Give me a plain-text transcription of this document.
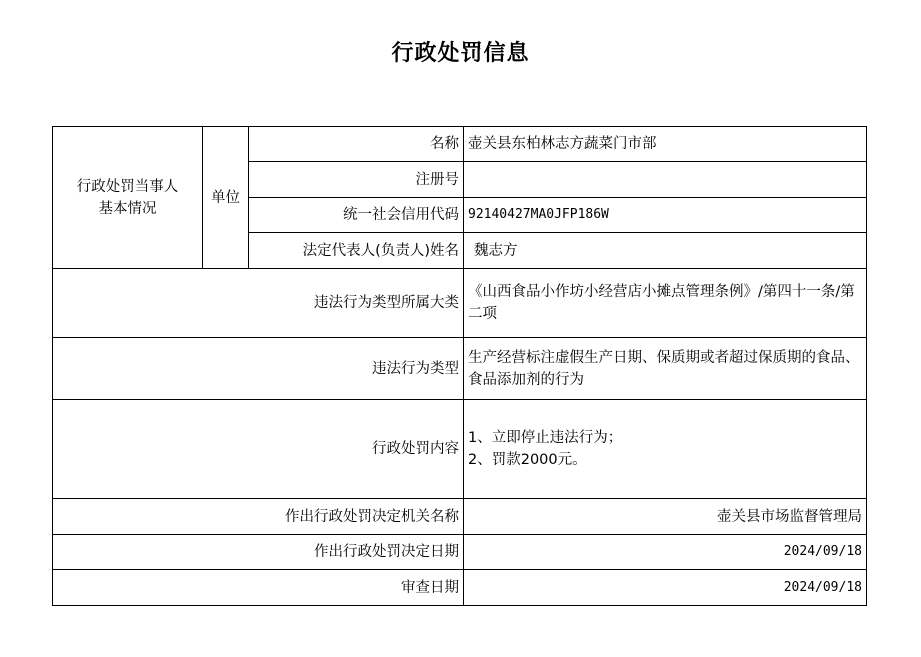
行政处罚信息
行政处罚当事人
基本情况	单位	名称	壶关县东柏林志方蔬菜门市部
		注册号	
		统一社会信用代码	92140427MA0JFP186W
		法定代表人(负责人)姓名	魏志方
违法行为类型所属大类			《山西食品小作坊小经营店小摊点管理条例》/第四十一条/第二项
违法行为类型			生产经营标注虚假生产日期、保质期或者超过保质期的食品、食品添加剂的行为
行政处罚内容			1、立即停止违法行为；
2、罚款2000元。

作出行政处罚决定机关名称			壶关县市场监督管理局
作出行政处罚决定日期			2024/09/18
审查日期			2024/09/18
